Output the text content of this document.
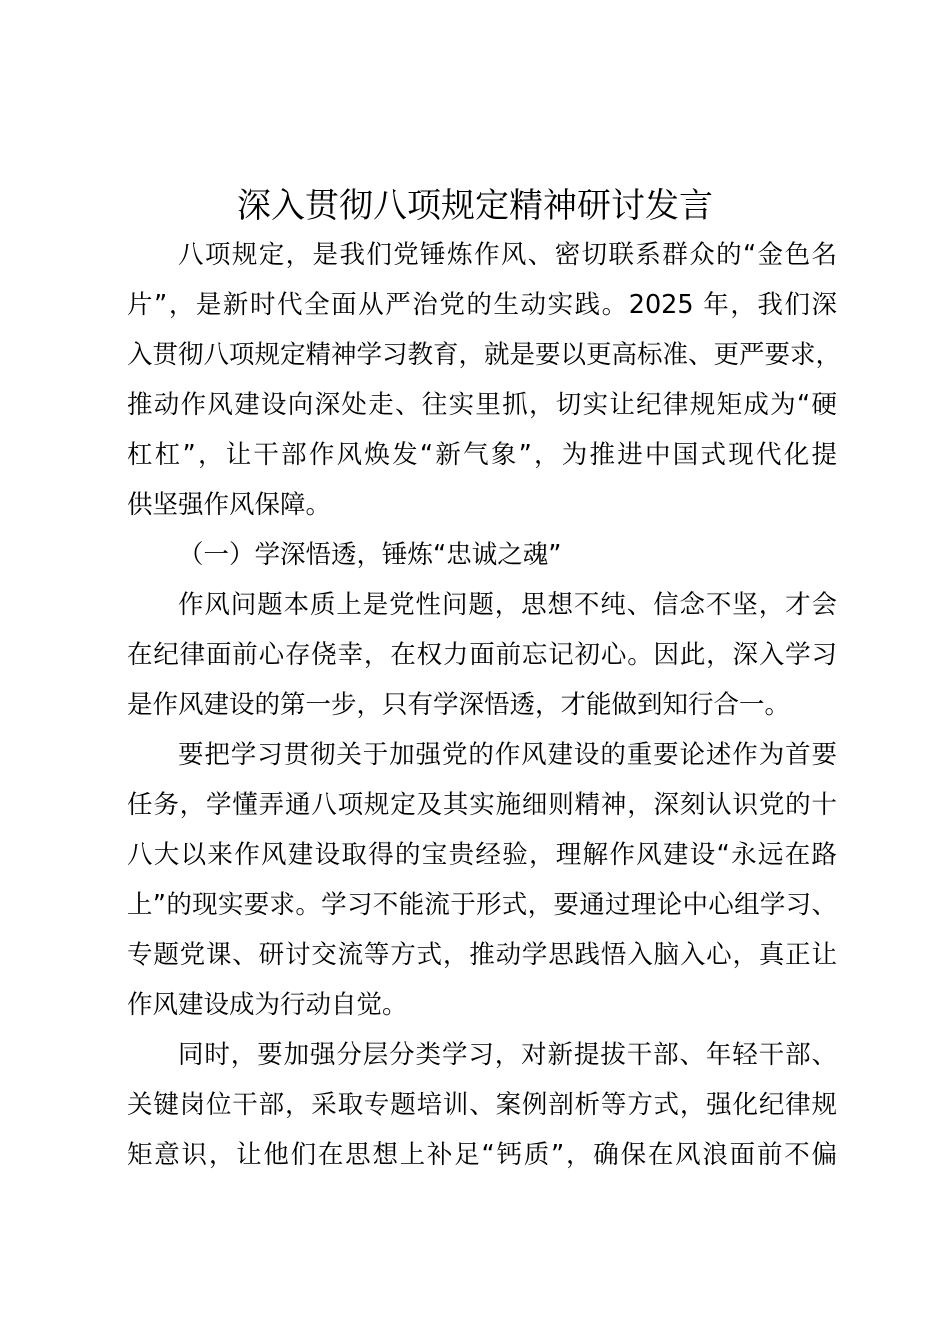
深入贯彻八项规定精神研讨发言
八项规定，是我们党锤炼作风、密切联系群众的“金色名
片”，是新时代全面从严治党的生动实践。2025 年，我们深
入贯彻八项规定精神学习教育，就是要以更高标准、更严要求，
推动作风建设向深处走、往实里抓，切实让纪律规矩成为“硬
杠杠”，让干部作风焕发“新气象”，为推进中国式现代化提
供坚强作风保障。
（一）学深悟透，锤炼“忠诚之魂”
作风问题本质上是党性问题，思想不纯、信念不坚，才会
在纪律面前心存侥幸，在权力面前忘记初心。因此，深入学习
是作风建设的第一步，只有学深悟透，才能做到知行合一。
要把学习贯彻关于加强党的作风建设的重要论述作为首要
任务，学懂弄通八项规定及其实施细则精神，深刻认识党的十
八大以来作风建设取得的宝贵经验，理解作风建设“永远在路
上”的现实要求。学习不能流于形式，要通过理论中心组学习、
专题党课、研讨交流等方式，推动学思践悟入脑入心，真正让
作风建设成为行动自觉。
同时，要加强分层分类学习，对新提拔干部、年轻干部、
关键岗位干部，采取专题培训、案例剖析等方式，强化纪律规
矩意识，让他们在思想上补足“钙质”，确保在风浪面前不偏
